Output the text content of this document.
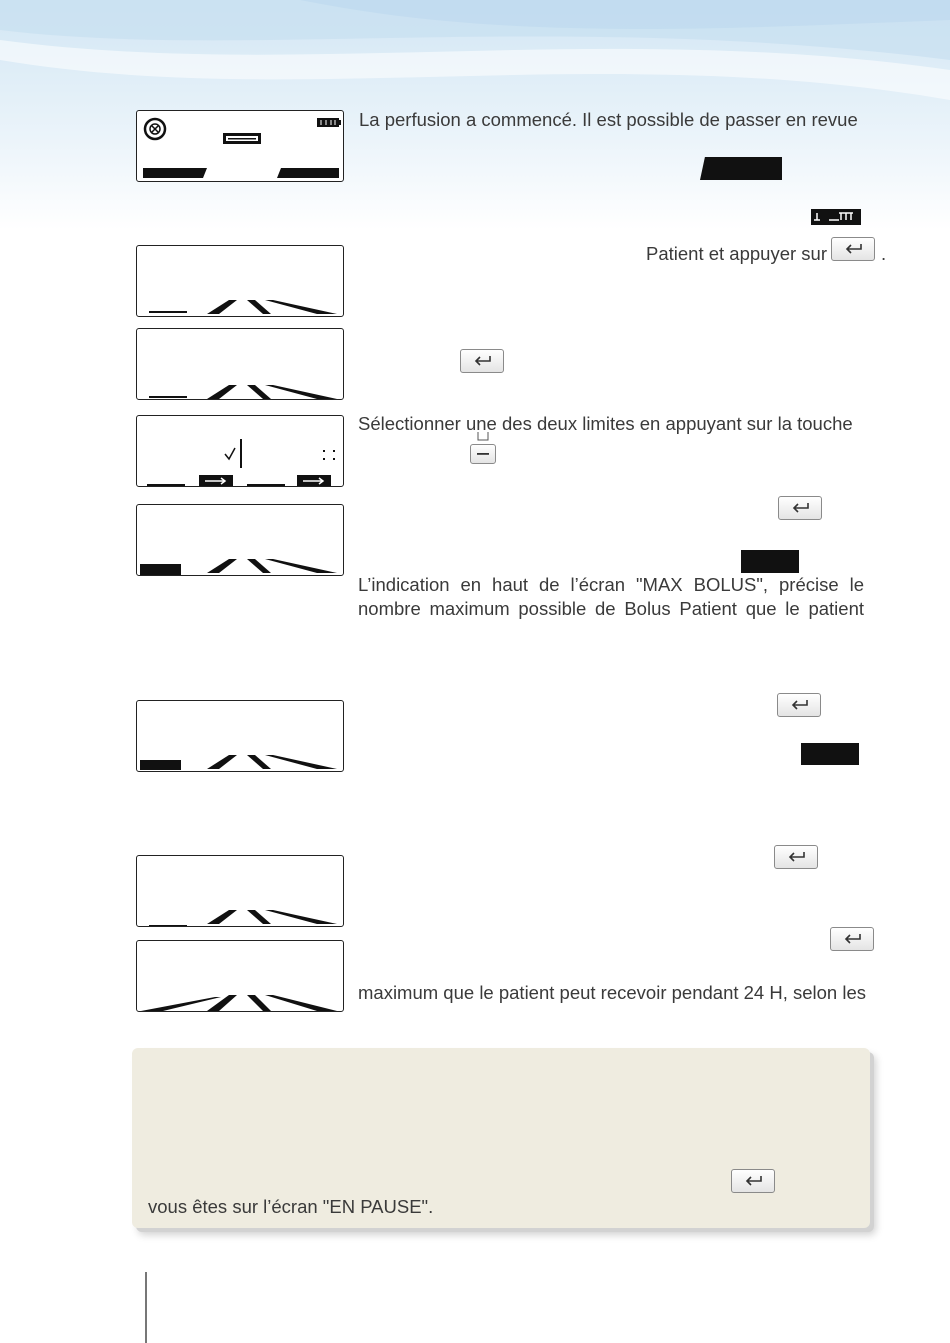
La perfusion a commencé. Il est possible de passer en revue
Patient et appuyer sur	.
Sélectionner une des deux limites en appuyant sur la touche
L’indication en haut de l’écran "MAX BOLUS", précise le
nombre maximum possible de Bolus Patient que le patient
maximum que le patient peut recevoir pendant 24 H, selon les
vous êtes sur l’écran "EN PAUSE".
